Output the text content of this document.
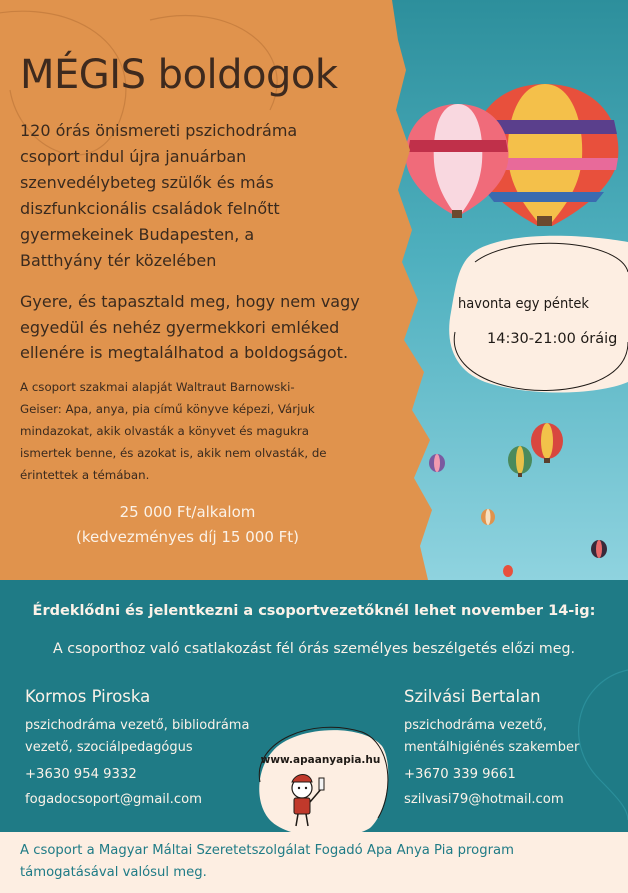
MÉGIS boldogok

120 órás önismereti pszichodráma
csoport indul újra januárban
szenvedélybeteg szülők és más
diszfunkcionális családok felnőtt
gyermekeinek Budapesten, a
Batthyány tér közelében

Gyere, és tapasztald meg, hogy nem vagy
egyedül és nehéz gyermekkori emléked
ellenére is megtalálhatod a boldogságot.

A csoport szakmai alapját Waltraut Barnowski-
Geiser: Apa, anya, pia című könyve képezi, Várjuk
mindazokat, akik olvasták a könyvet és magukra
ismertek benne, és azokat is, akik nem olvasták, de
érintettek a témában.

25 000 Ft/alkalom
(kedvezményes díj 15 000 Ft)

havonta egy péntek
14:30-21:00 óráig

Érdeklődni és jelentkezni a csoportvezetőknél lehet november 14-ig:

A csoporthoz való csatlakozást fél órás személyes beszélgetés előzi meg.

Kormos Piroska

pszichodráma vezető, bibliodráma
vezető, szociálpedagógus

+3630 954 9332

fogadocsoport@gmail.com

Szilvási Bertalan

pszichodráma vezető,
mentálhigiénés szakember

+3670 339 9661

szilvasi79@hotmail.com

www.apaanyapia.hu

A csoport a Magyar Máltai Szeretetszolgálat Fogadó Apa Anya Pia program
támogatásával valósul meg.
